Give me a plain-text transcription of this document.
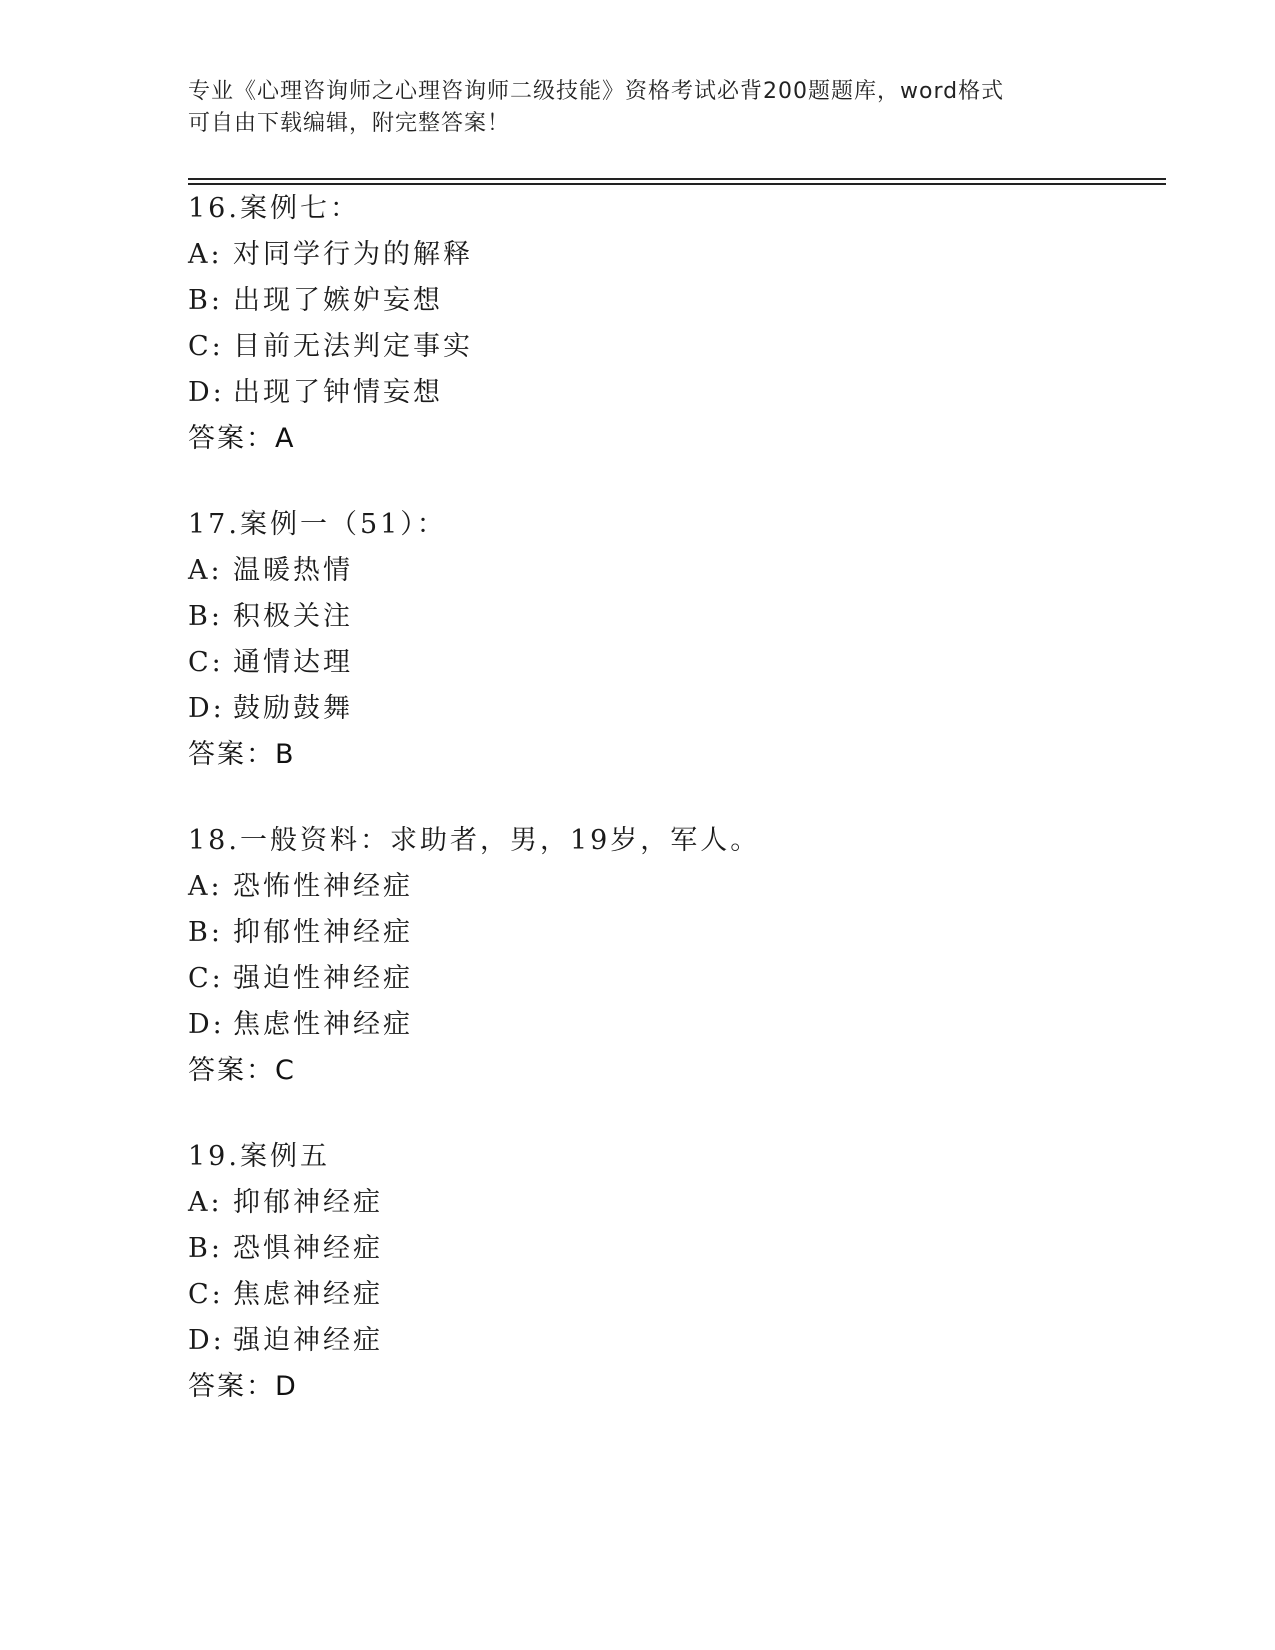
专业《心理咨询师之心理咨询师二级技能》资格考试必背200题题库，word格式
可自由下载编辑，附完整答案！
16.案例七：
A: 对同学行为的解释
B: 出现了嫉妒妄想
C: 目前无法判定事实
D: 出现了钟情妄想
答案：A
17.案例一（51）：
A: 温暖热情
B: 积极关注
C: 通情达理
D: 鼓励鼓舞
答案：B
18.一般资料：求助者，男，19岁，军人。
A: 恐怖性神经症
B: 抑郁性神经症
C: 强迫性神经症
D: 焦虑性神经症
答案：C
19.案例五
A: 抑郁神经症
B: 恐惧神经症
C: 焦虑神经症
D: 强迫神经症
答案：D
